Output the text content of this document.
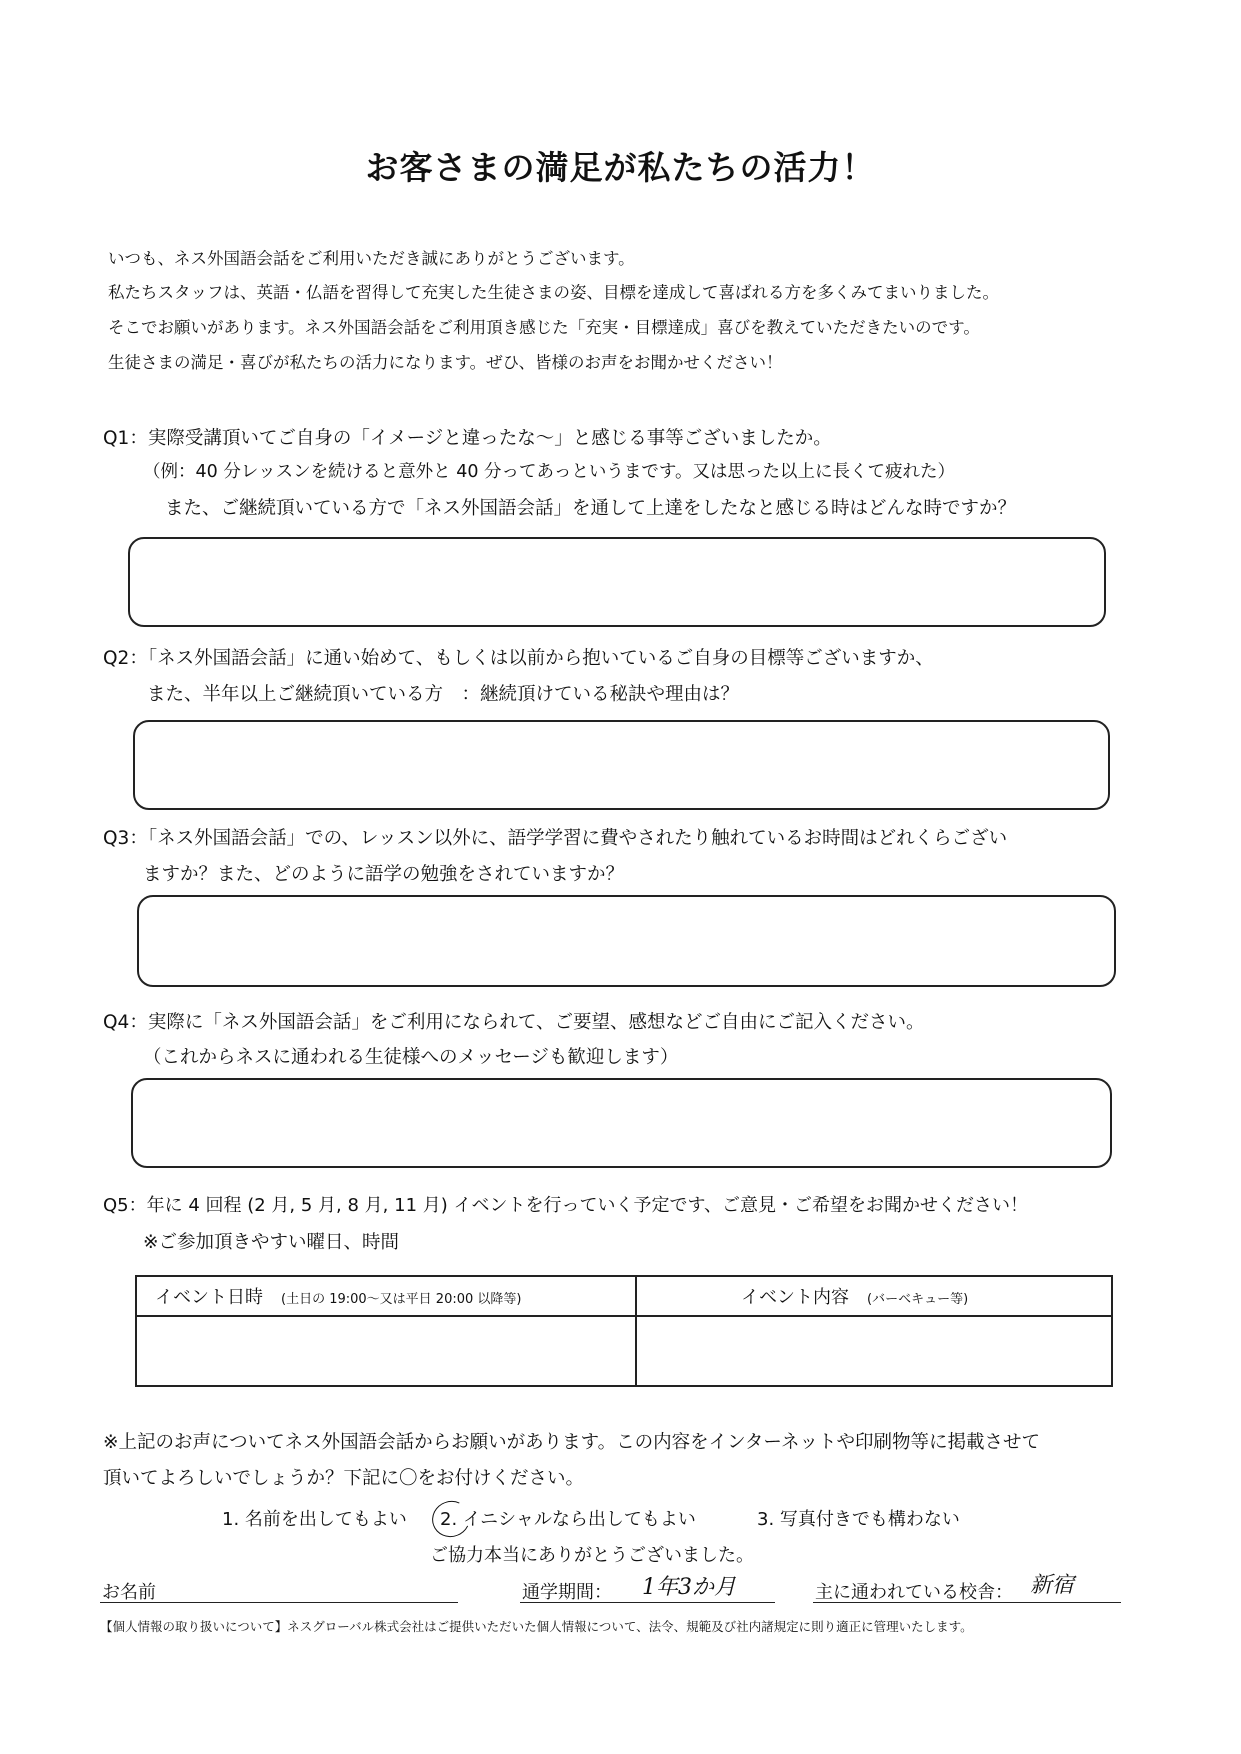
お客さまの満足が私たちの活力！
いつも、ネス外国語会話をご利用いただき誠にありがとうございます。
私たちスタッフは、英語・仏語を習得して充実した生徒さまの姿、目標を達成して喜ばれる方を多くみてまいりました。
そこでお願いがあります。ネス外国語会話をご利用頂き感じた「充実・目標達成」喜びを教えていただきたいのです。
生徒さまの満足・喜びが私たちの活力になります。ぜひ、皆様のお声をお聞かせください！
Q1：実際受講頂いてご自身の「イメージと違ったな～」と感じる事等ございましたか。
（例：40 分レッスンを続けると意外と 40 分ってあっというまです。又は思った以上に長くて疲れた）
また、ご継続頂いている方で「ネス外国語会話」を通して上達をしたなと感じる時はどんな時ですか？
Q2：「ネス外国語会話」に通い始めて、もしくは以前から抱いているご自身の目標等ございますか、
また、半年以上ご継続頂いている方　：継続頂けている秘訣や理由は？
Q3：「ネス外国語会話」での、レッスン以外に、語学学習に費やされたり触れているお時間はどれくらござい
ますか？また、どのように語学の勉強をされていますか？
Q4：実際に「ネス外国語会話」をご利用になられて、ご要望、感想などご自由にご記入ください。
（これからネスに通われる生徒様へのメッセージも歓迎します）
Q5：年に 4 回程 (2 月, 5 月, 8 月, 11 月) イベントを行っていく予定です、ご意見・ご希望をお聞かせください！
※ご参加頂きやすい曜日、時間
イベント日時 (土日の 19:00～又は平日 20:00 以降等)	イベント内容 (バーベキュー等)

※上記のお声についてネス外国語会話からお願いがあります。この内容をインターネットや印刷物等に掲載させて
頂いてよろしいでしょうか？下記に〇をお付けください。
1. 名前を出してもよい 2. イニシャルなら出してもよい	3. 写真付きでも構わない
ご協力本当にありがとうございました。
お名前	通学期間： 1年3か月	主に通われている校舎： 新宿
【個人情報の取り扱いについて】ネスグローバル株式会社はご提供いただいた個人情報について、法令、規範及び社内諸規定に則り適正に管理いたします。
